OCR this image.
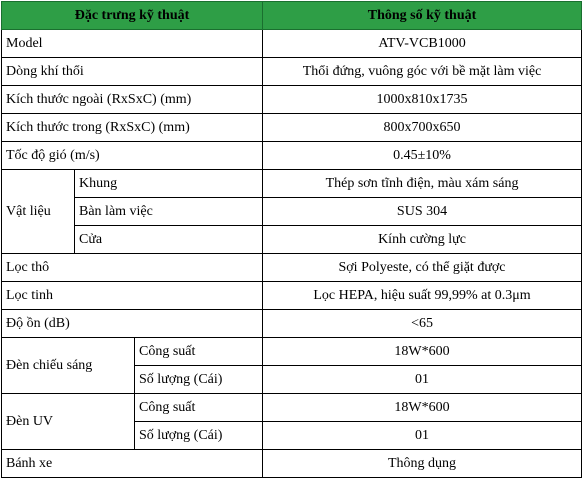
Đặc trưng kỹ thuật			Thông số kỹ thuật
Model			ATV-VCB1000
Dòng khí thổi			Thổi đứng, vuông góc với bề mặt làm việc
Kích thước ngoài (RxSxC) (mm)			1000x810x1735
Kích thước trong (RxSxC) (mm)			800x700x650
Tốc độ gió (m/s)			0.45±10%
Vật liệu	Khung		Thép sơn tĩnh điện, màu xám sáng
	Bàn làm việc		SUS 304
	Cửa		Kính cường lực
Lọc thô			Sợi Polyeste, có thể giặt được
Lọc tinh			Lọc HEPA, hiệu suất 99,99% at 0.3μm
Độ ồn (dB)			<65
Đèn chiếu sáng		Công suất	18W*600
		Số lượng (Cái)	01
Đèn UV		Công suất	18W*600
		Số lượng (Cái)	01
Bánh xe			Thông dụng
